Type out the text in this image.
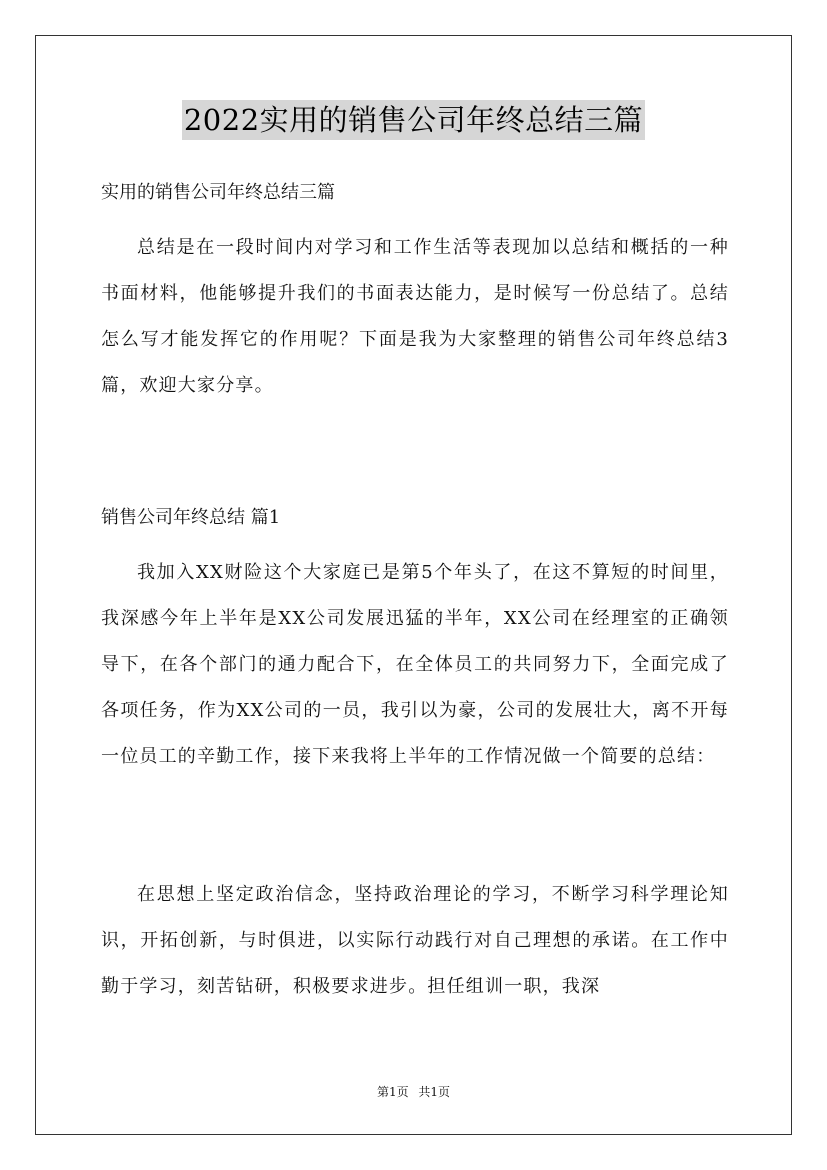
2022实用的销售公司年终总结三篇

实用的销售公司年终总结三篇

总结是在一段时间内对学习和工作生活等表现加以总结和概括的一种书面材料，他能够提升我们的书面表达能力，是时候写一份总结了。总结怎么写才能发挥它的作用呢？下面是我为大家整理的销售公司年终总结3篇，欢迎大家分享。

销售公司年终总结 篇1

我加入XX财险这个大家庭已是第5个年头了，在这不算短的时间里，我深感今年上半年是XX公司发展迅猛的半年，XX公司在经理室的正确领导下，在各个部门的通力配合下，在全体员工的共同努力下，全面完成了各项任务，作为XX公司的一员，我引以为豪，公司的发展壮大，离不开每一位员工的辛勤工作，接下来我将上半年的工作情况做一个简要的总结：

在思想上坚定政治信念，坚持政治理论的学习，不断学习科学理论知识，开拓创新，与时俱进，以实际行动践行对自己理想的承诺。在工作中勤于学习，刻苦钻研，积极要求进步。担任组训一职，我深

第1页 共1页
